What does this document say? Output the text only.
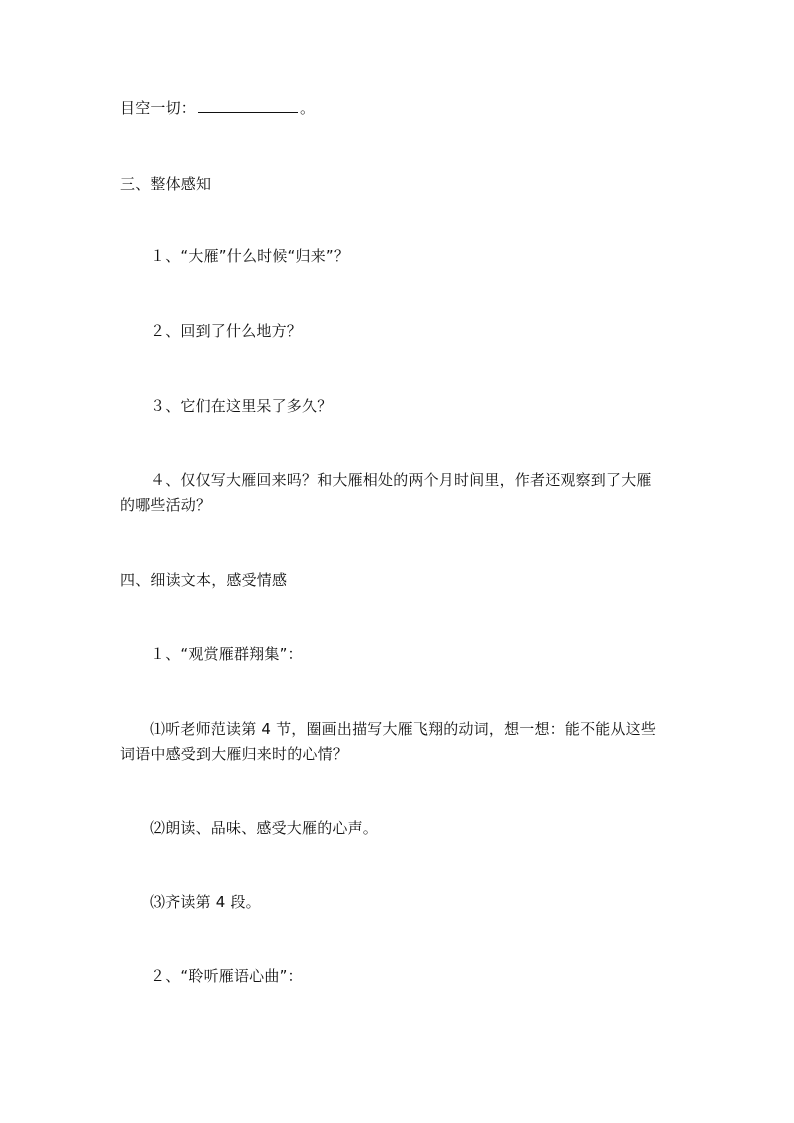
目空一切：	。
三、整体感知
１、“大雁”什么时候“归来”？
２、回到了什么地方？
３、它们在这里呆了多久？
４、仅仅写大雁回来吗？和大雁相处的两个月时间里，作者还观察到了大雁
的哪些活动？
四、细读文本，感受情感
１、“观赏雁群翔集”：
⑴听老师范读第 4 节，圈画出描写大雁飞翔的动词，想一想：能不能从这些
词语中感受到大雁归来时的心情？
⑵朗读、品味、感受大雁的心声。
⑶齐读第 4 段。
２、“聆听雁语心曲”：
